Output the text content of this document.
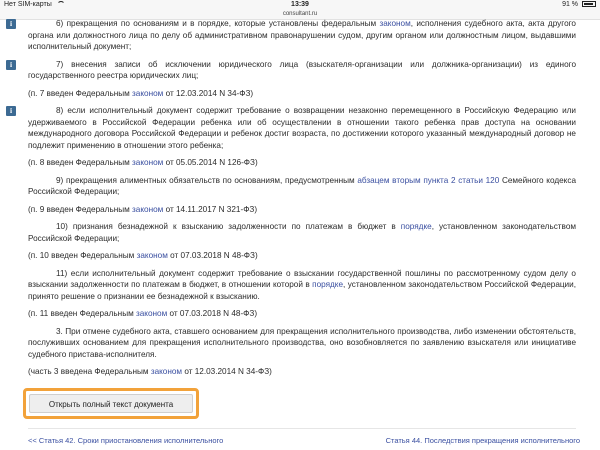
Нет SIM-карты	13:39	91 %
consultant.ru
i	6) прекращения по основаниям и в порядке, которые установлены федеральным законом, исполнения судебного акта, акта другого органа или должностного лица по делу об административном правонарушении судом, другим органом или должностным лицом, выдавшими исполнительный документ;
i	7) внесения записи об исключении юридического лица (взыскателя-организации или должника-организации) из единого государственного реестра юридических лиц;

(п. 7 введен Федеральным законом от 12.03.2014 N 34-ФЗ)

i	8) если исполнительный документ содержит требование о возвращении незаконно перемещенного в Российскую Федерацию или удерживаемого в Российской Федерации ребенка или об осуществлении в отношении такого ребенка прав доступа на основании международного договора Российской Федерации и ребенок достиг возраста, по достижении которого указанный международный договор не подлежит применению в отношении этого ребенка;

(п. 8 введен Федеральным законом от 05.05.2014 N 126-ФЗ)

9) прекращения алиментных обязательств по основаниям, предусмотренным абзацем вторым пункта 2 статьи 120 Семейного кодекса Российской Федерации;

(п. 9 введен Федеральным законом от 14.11.2017 N 321-ФЗ)

10) признания безнадежной к взысканию задолженности по платежам в бюджет в порядке, установленном законодательством Российской Федерации;

(п. 10 введен Федеральным законом от 07.03.2018 N 48-ФЗ)

11) если исполнительный документ содержит требование о взыскании государственной пошлины по рассмотренному судом делу о взыскании задолженности по платежам в бюджет, в отношении которой в порядке, установленном законодательством Российской Федерации, принято решение о признании ее безнадежной к взысканию.

(п. 11 введен Федеральным законом от 07.03.2018 N 48-ФЗ)

3. При отмене судебного акта, ставшего основанием для прекращения исполнительного производства, либо изменении обстоятельств, послуживших основанием для прекращения исполнительного производства, оно возобновляется по заявлению взыскателя или инициативе судебного пристава-исполнителя.

(часть 3 введена Федеральным законом от 12.03.2014 N 34-ФЗ)

Открыть полный текст документа
<< Статья 42. Сроки приостановления исполнительного	Статья 44. Последствия прекращения исполнительного
